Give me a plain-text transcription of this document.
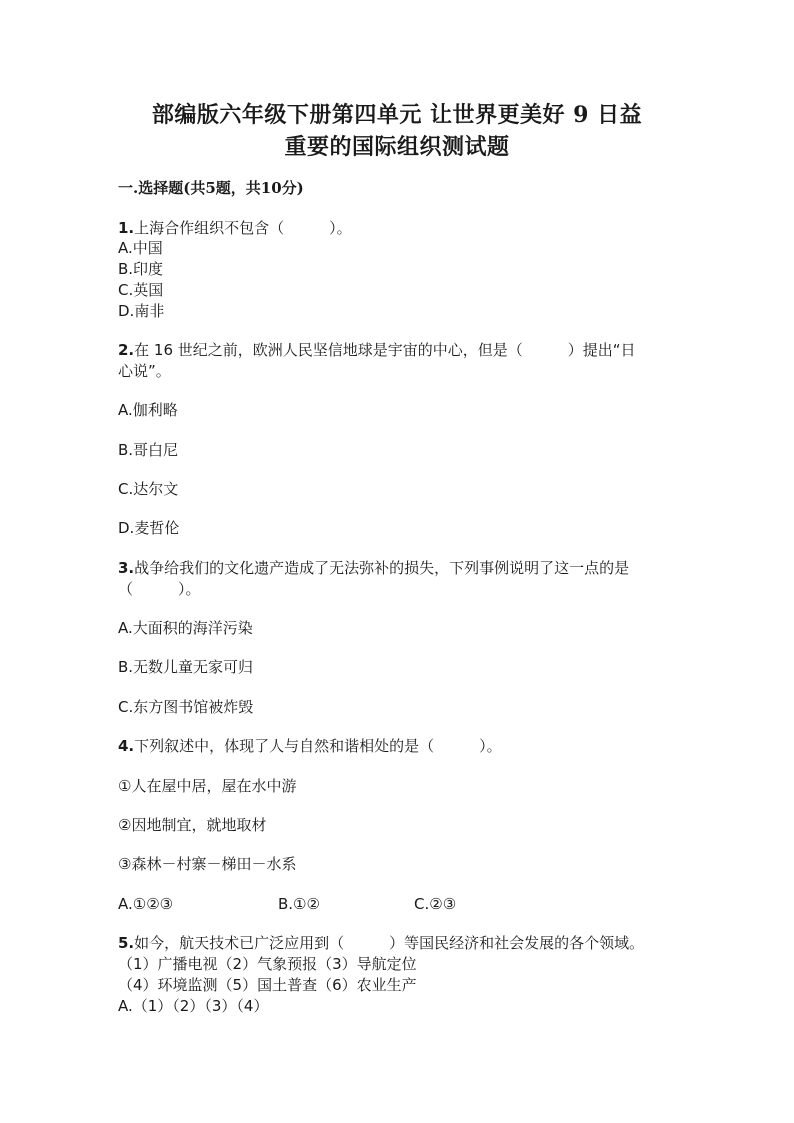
部编版六年级下册第四单元 让世界更美好 9 日益
重要的国际组织测试题
一.选择题(共5题，共10分)
1.上海合作组织不包含（　　　）。
A.中国
B.印度
C.英国
D.南非
2.在 16 世纪之前，欧洲人民坚信地球是宇宙的中心，但是（　　　）提出“日
心说”。
A.伽利略
B.哥白尼
C.达尔文
D.麦哲伦
3.战争给我们的文化遗产造成了无法弥补的损失，下列事例说明了这一点的是
（　　　）。
A.大面积的海洋污染
B.无数儿童无家可归
C.东方图书馆被炸毁
4.下列叙述中，体现了人与自然和谐相处的是（　　　）。
①人在屋中居，屋在水中游
②因地制宜，就地取材
③森林－村寨－梯田－水系
A.①②③	B.①②	C.②③
5.如今，航天技术已广泛应用到（　　　）等国民经济和社会发展的各个领域。
（1）广播电视（2）气象预报（3）导航定位
（4）环境监测（5）国土普查（6）农业生产
A.（1）（2）（3）（4）
